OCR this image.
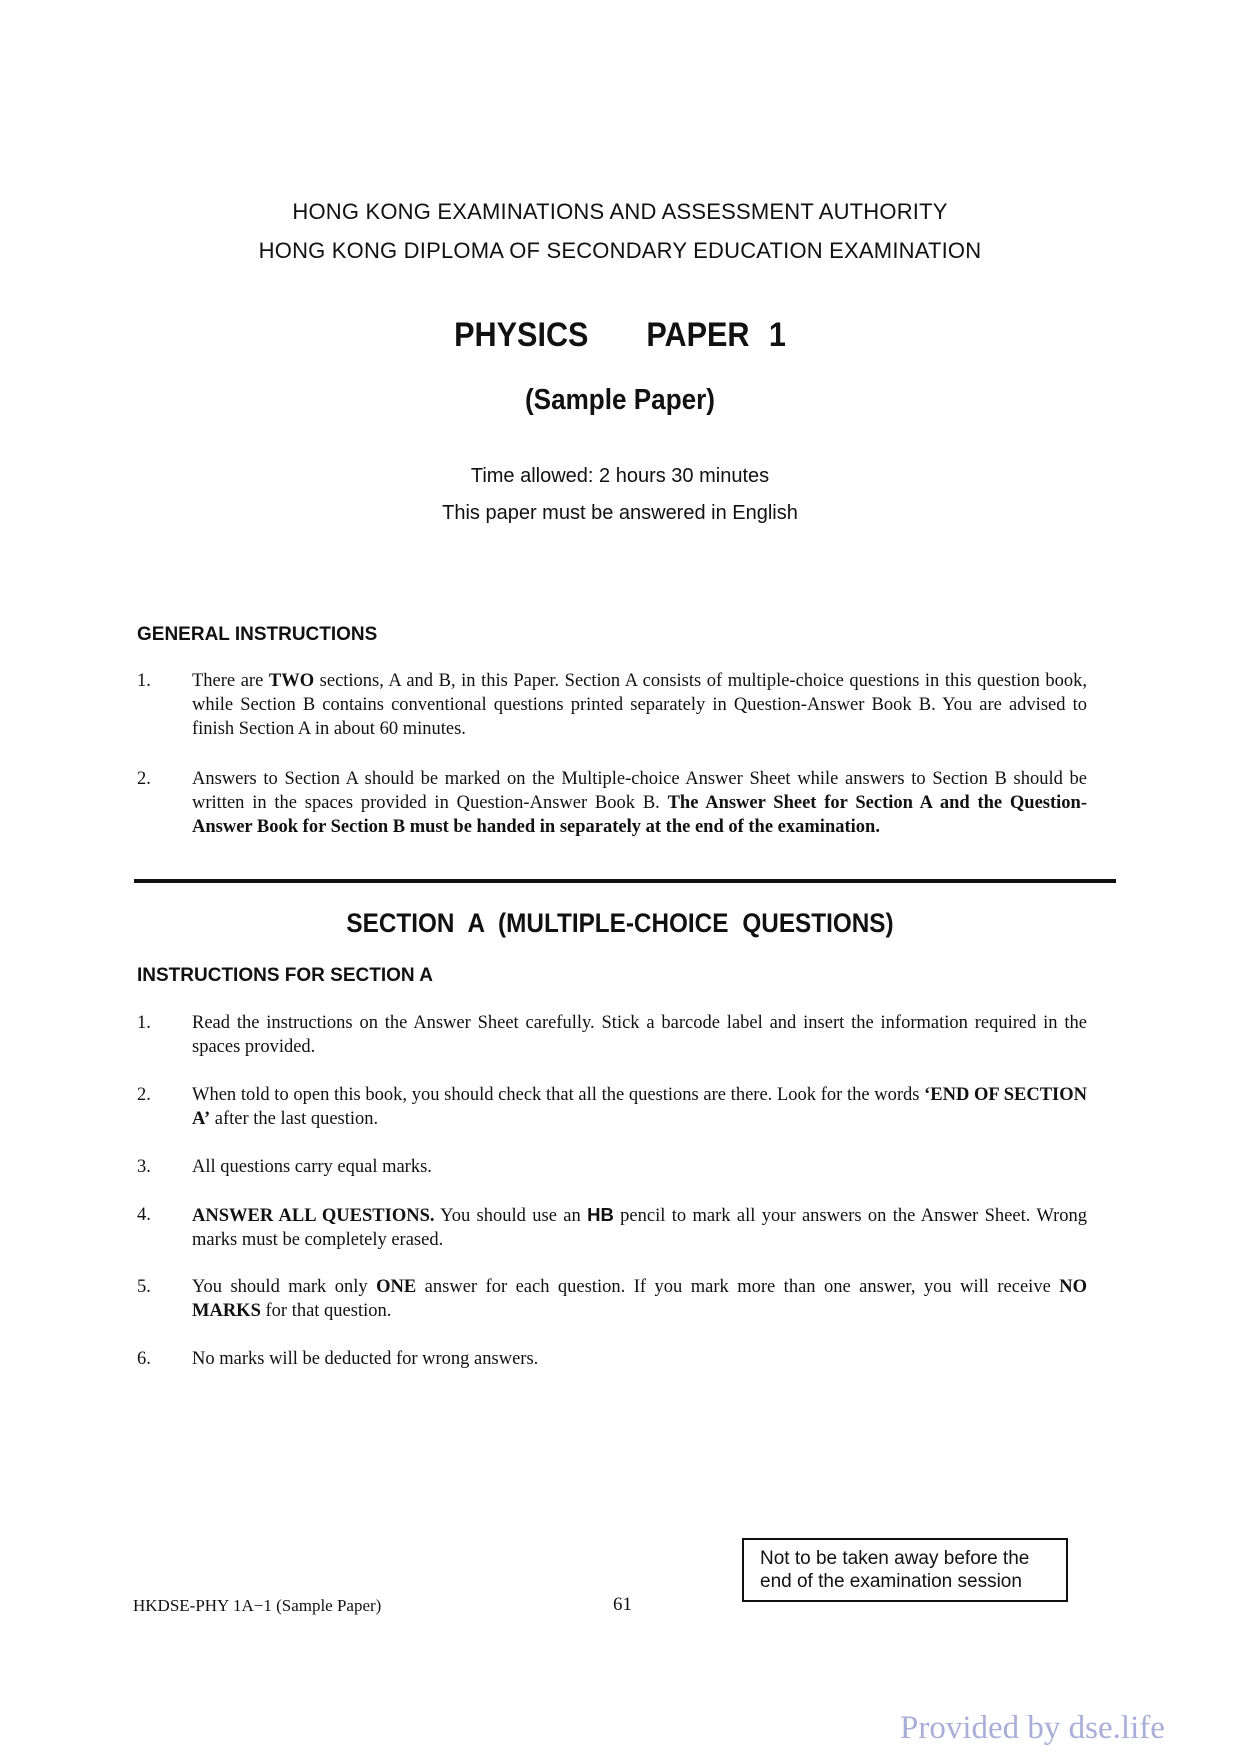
HONG KONG EXAMINATIONS AND ASSESSMENT AUTHORITY
HONG KONG DIPLOMA OF SECONDARY EDUCATION EXAMINATION
PHYSICS   PAPER 1
(Sample Paper)
Time allowed: 2 hours 30 minutes
This paper must be answered in English
GENERAL INSTRUCTIONS
1. There are TWO sections, A and B, in this Paper. Section A consists of multiple-choice questions in this question book, while Section B contains conventional questions printed separately in Question-Answer Book B. You are advised to finish Section A in about 60 minutes.
2. Answers to Section A should be marked on the Multiple-choice Answer Sheet while answers to Section B should be written in the spaces provided in Question-Answer Book B. The Answer Sheet for Section A and the Question-Answer Book for Section B must be handed in separately at the end of the examination.
SECTION A (MULTIPLE-CHOICE QUESTIONS)
INSTRUCTIONS FOR SECTION A
1. Read the instructions on the Answer Sheet carefully. Stick a barcode label and insert the information required in the spaces provided.
2. When told to open this book, you should check that all the questions are there. Look for the words ‘END OF SECTION A’ after the last question.
3. All questions carry equal marks.
4. ANSWER ALL QUESTIONS. You should use an HB pencil to mark all your answers on the Answer Sheet. Wrong marks must be completely erased.
5. You should mark only ONE answer for each question. If you mark more than one answer, you will receive NO MARKS for that question.
6. No marks will be deducted for wrong answers.
Not to be taken away before the
end of the examination session
HKDSE-PHY 1A−1 (Sample Paper)	61
Provided by dse.life
